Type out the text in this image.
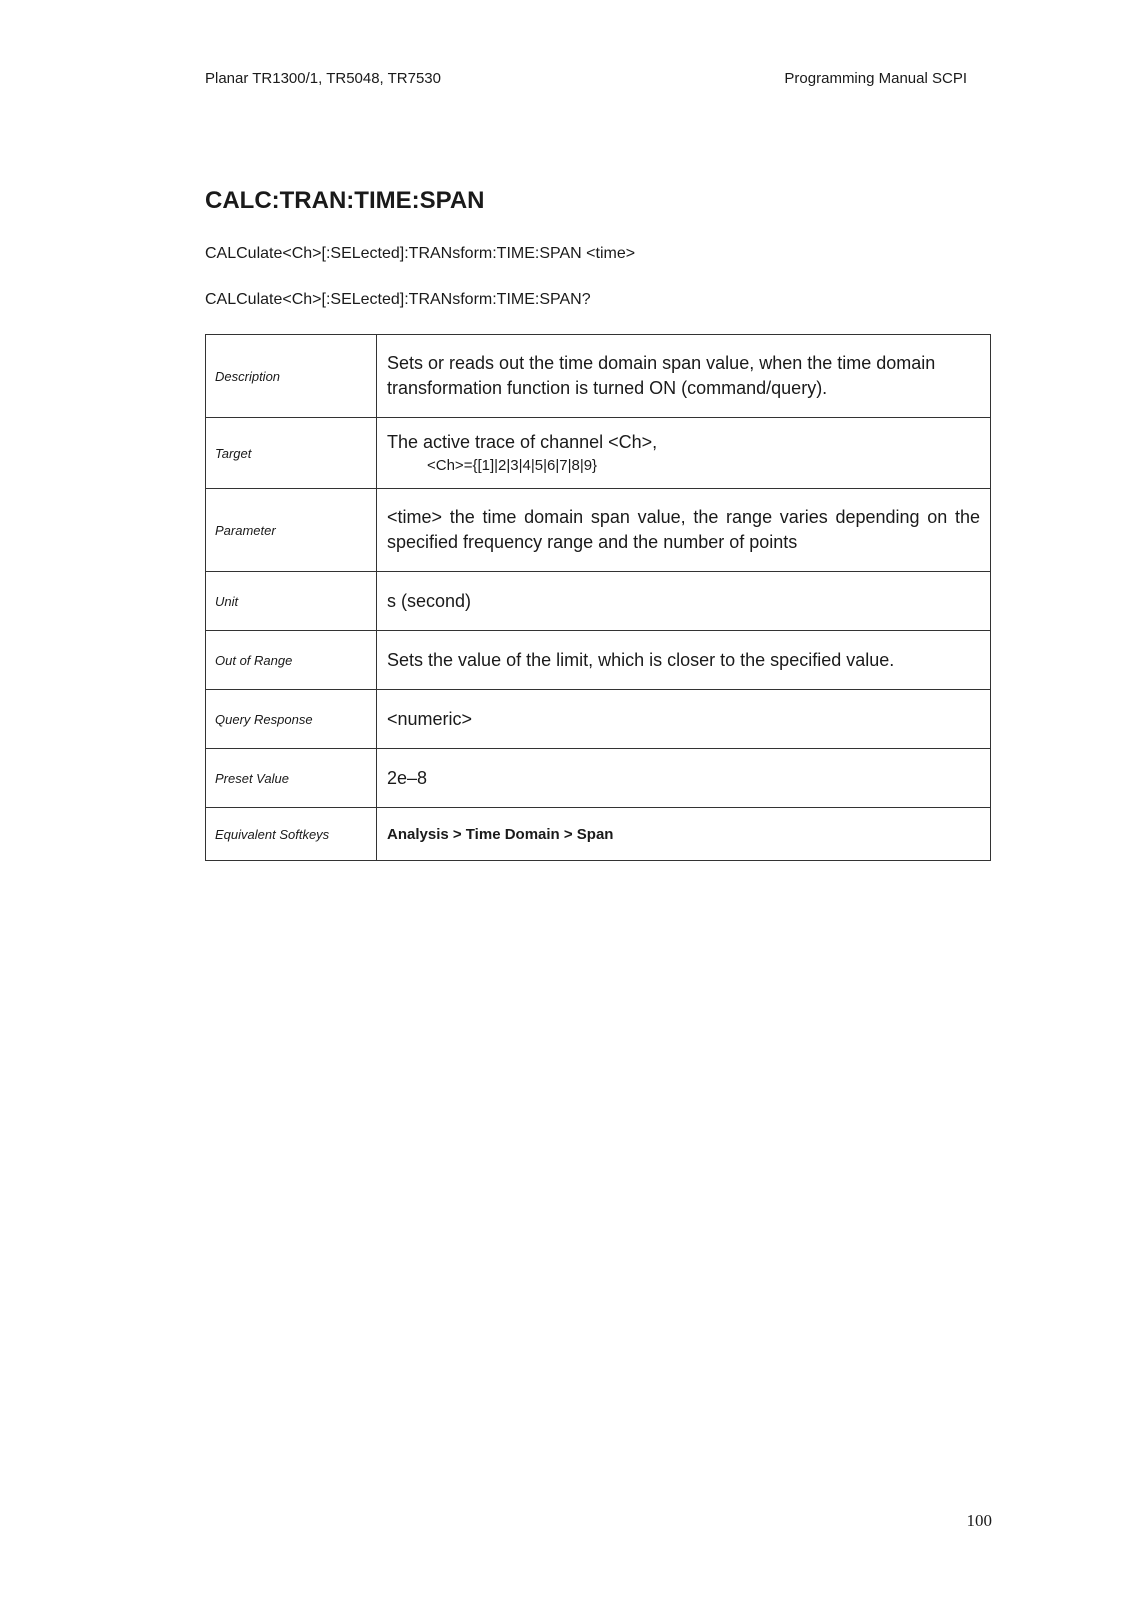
Planar TR1300/1, TR5048, TR7530	Programming Manual SCPI
CALC:TRAN:TIME:SPAN
CALCulate<Ch>[:SELected]:TRANsform:TIME:SPAN <time>
CALCulate<Ch>[:SELected]:TRANsform:TIME:SPAN?
Description	Sets or reads out the time domain span value, when the time domain transformation function is turned ON (command/query).
Target	The active trace of channel <Ch>,
<Ch>={[1]|2|3|4|5|6|7|8|9}

Parameter	<time> the time domain span value, the range varies depending on the specified frequency range and the number of points
Unit	s (second)
Out of Range	Sets the value of the limit, which is closer to the specified value.
Query Response	<numeric>
Preset Value	2e–8
Equivalent Softkeys	Analysis > Time Domain > Span
100
